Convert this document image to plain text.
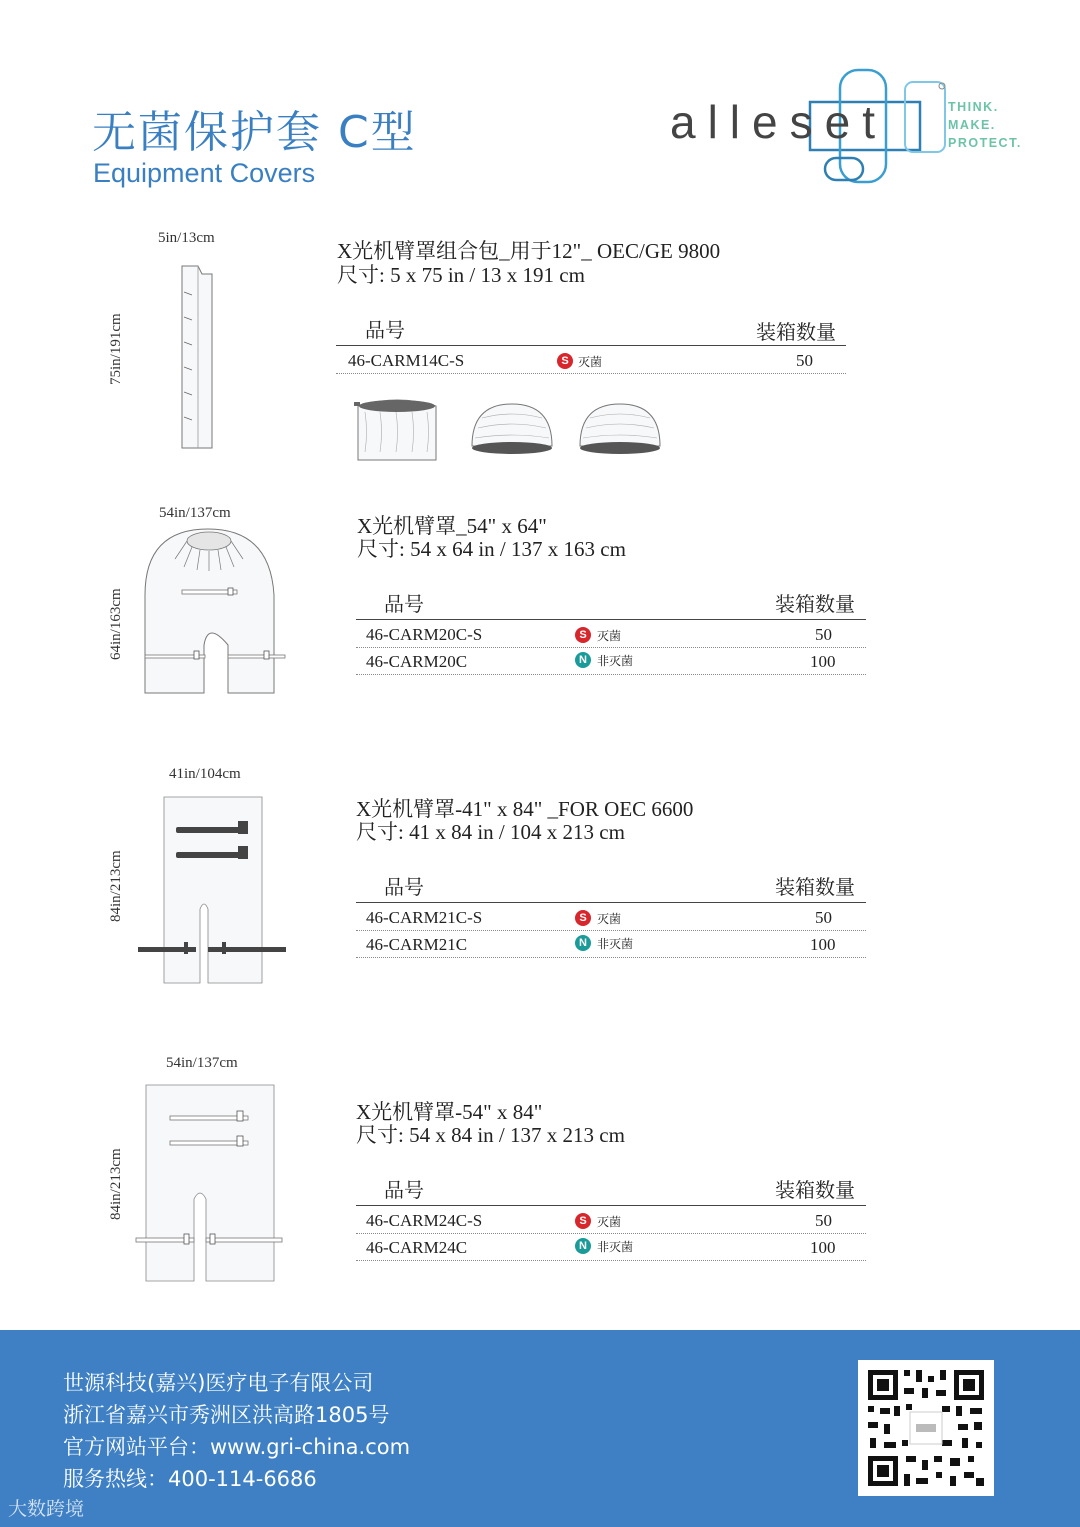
无菌保护套 C型
Equipment Covers
alleset	THINK.
MAKE.
PROTECT.
5in/13cm
75in/191cm
X光机臂罩组合包_用于12"_ OEC/GE 9800
尺寸: 5 x 75 in / 13 x 191 cm
品号	装箱数量
46-CARM14C-S	S 灭菌	50
54in/137cm
64in/163cm
X光机臂罩_54" x 64"
尺寸: 54 x 64 in / 137 x 163 cm
品号	装箱数量
46-CARM20C-S	S 灭菌	50
46-CARM20C	N 非灭菌	100
41in/104cm
84in/213cm
X光机臂罩-41" x 84" _FOR OEC 6600
尺寸: 41 x 84 in / 104 x 213 cm
品号	装箱数量
46-CARM21C-S	S 灭菌	50
46-CARM21C	N 非灭菌	100
54in/137cm
84in/213cm
X光机臂罩-54" x 84"
尺寸: 54 x 84 in / 137 x 213 cm
品号	装箱数量
46-CARM24C-S	S 灭菌	50
46-CARM24C	N 非灭菌	100
世源科技(嘉兴)医疗电子有限公司
浙江省嘉兴市秀洲区洪高路1805号
官方网站平台：www.gri-china.com
服务热线：400-114-6686
大数跨境
